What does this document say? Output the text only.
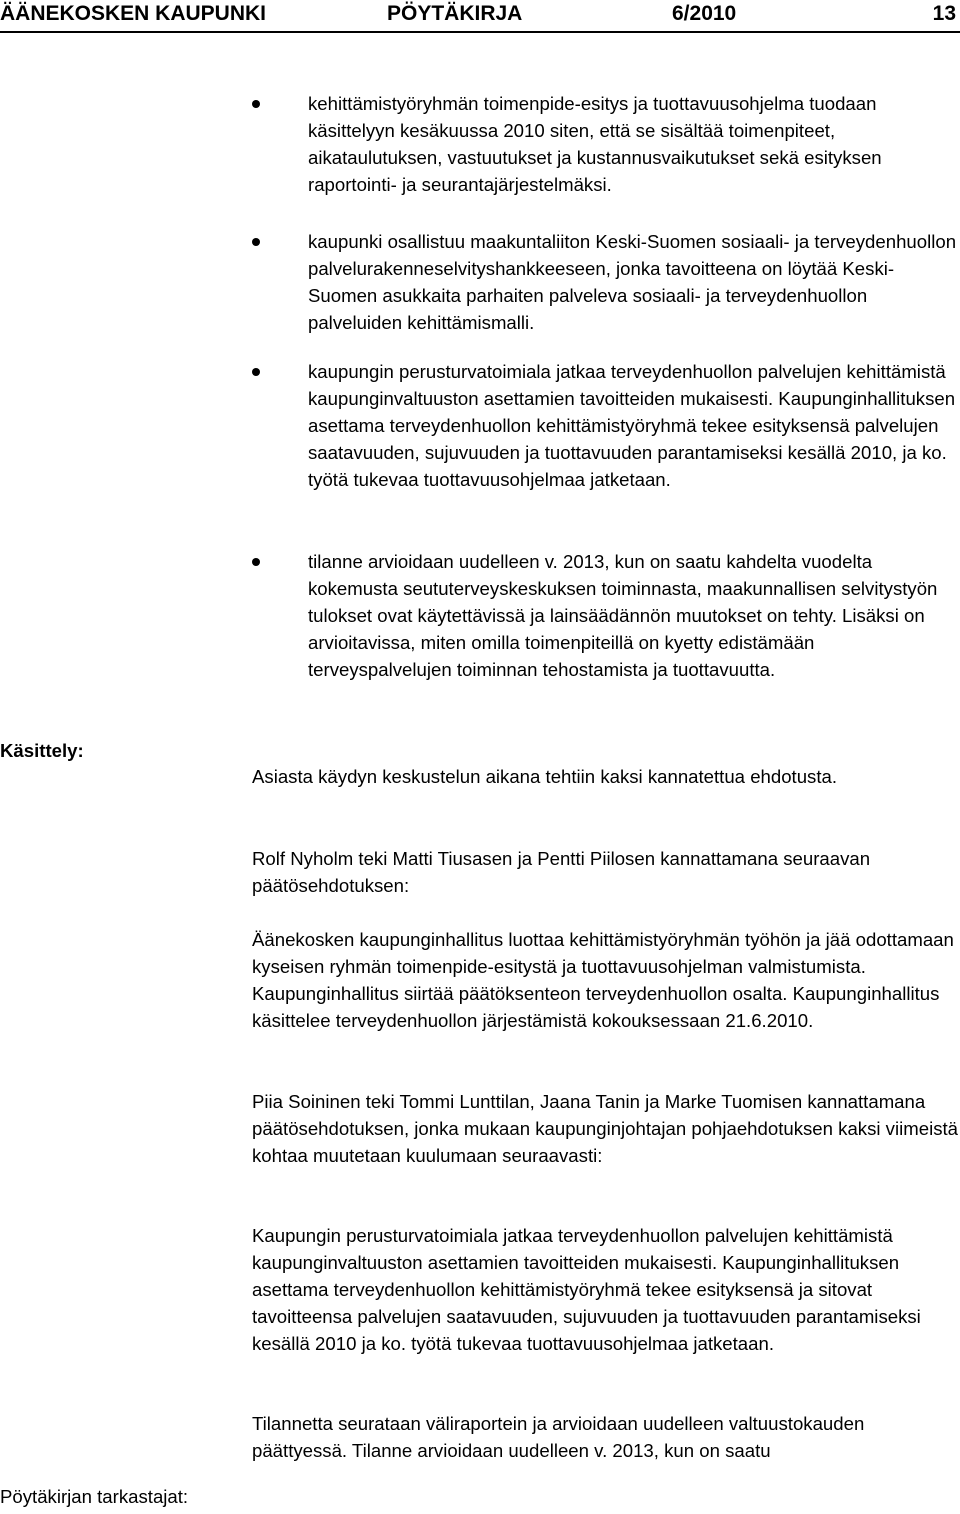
ÄÄNEKOSKEN KAUPUNKI	PÖYTÄKIRJA	6/2010	13

kehittämistyöryhmän toimenpide-esitys ja tuottavuusohjelma tuodaan käsittelyyn kesäkuussa 2010 siten, että se sisältää toimenpiteet, aikataulutuksen, vastuutukset ja kustannusvaikutukset sekä esityksen raportointi- ja seurantajärjestelmäksi.

kaupunki osallistuu maakuntaliiton Keski-Suomen sosiaali- ja terveydenhuollon palvelurakenneselvityshankkeeseen, jonka tavoitteena on löytää Keski-Suomen asukkaita parhaiten palveleva sosiaali- ja terveydenhuollon palveluiden kehittämismalli.

kaupungin perusturvatoimiala jatkaa terveydenhuollon palvelujen kehittämistä kaupunginvaltuuston asettamien tavoitteiden mukaisesti. Kaupunginhallituksen asettama terveydenhuollon kehittämistyöryhmä tekee esityksensä palvelujen saatavuuden, sujuvuuden ja tuottavuuden parantamiseksi kesällä 2010, ja ko. työtä tukevaa tuottavuusohjelmaa jatketaan.

tilanne arvioidaan uudelleen v. 2013, kun on saatu kahdelta vuodelta kokemusta seututerveyskeskuksen toiminnasta, maakunnallisen selvitystyön tulokset ovat käytettävissä ja lainsäädännön muutokset on tehty. Lisäksi on arvioitavissa, miten omilla toimenpiteillä on kyetty edistämään terveyspalvelujen toiminnan tehostamista ja tuottavuutta.

Käsittely:

Asiasta käydyn keskustelun aikana tehtiin kaksi kannatettua ehdotusta.

Rolf Nyholm teki Matti Tiusasen ja Pentti Piilosen kannattamana seuraavan päätösehdotuksen:

Äänekosken kaupunginhallitus luottaa kehittämistyöryhmän työhön ja jää odottamaan kyseisen ryhmän toimenpide-esitystä ja tuottavuusohjelman valmistumista. Kaupunginhallitus siirtää päätöksenteon terveydenhuollon osalta. Kaupunginhallitus käsittelee terveydenhuollon järjestämistä kokouksessaan 21.6.2010.

Piia Soininen teki Tommi Lunttilan, Jaana Tanin ja Marke Tuomisen kannattamana päätösehdotuksen, jonka mukaan kaupunginjohtajan pohjaehdotuksen kaksi viimeistä kohtaa muutetaan kuulumaan seuraavasti:

Kaupungin perusturvatoimiala jatkaa terveydenhuollon palvelujen kehittämistä kaupunginvaltuuston asettamien tavoitteiden mukaisesti. Kaupunginhallituksen asettama terveydenhuollon kehittämistyöryhmä tekee esityksensä ja sitovat tavoitteensa palvelujen saatavuuden, sujuvuuden ja tuottavuuden parantamiseksi kesällä 2010 ja ko. työtä tukevaa tuottavuusohjelmaa jatketaan.

Tilannetta seurataan väliraportein ja arvioidaan uudelleen valtuustokauden päättyessä. Tilanne arvioidaan uudelleen v. 2013, kun on saatu

Pöytäkirjan tarkastajat:
